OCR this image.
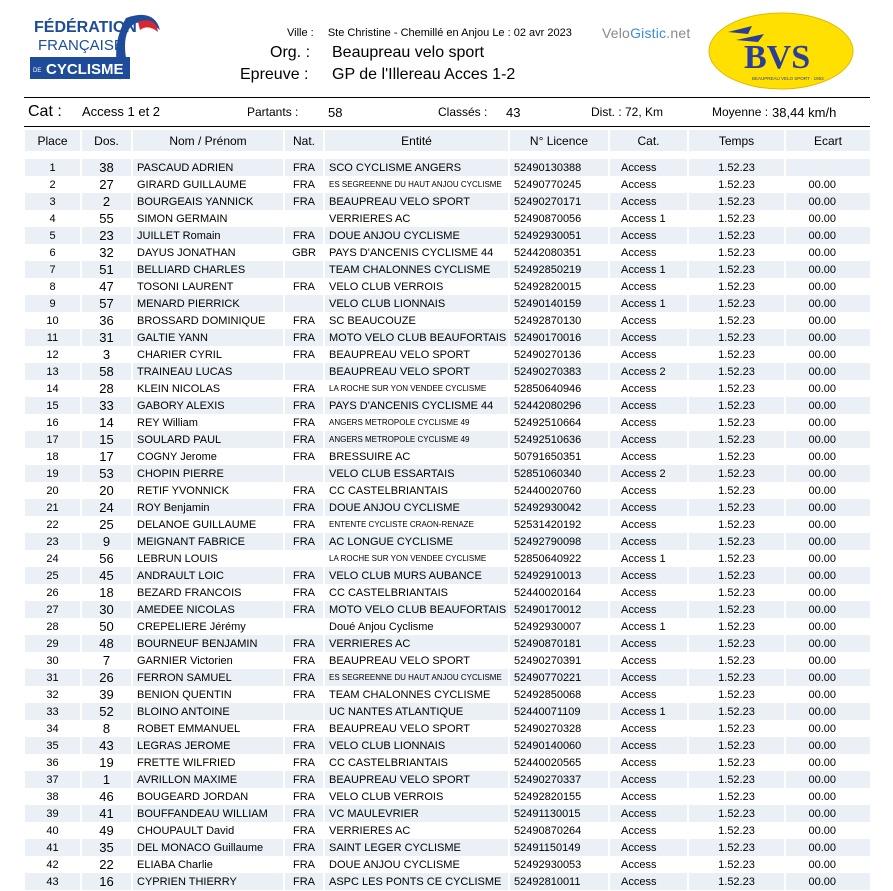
FÉDÉRATION
FRANÇAISE
DE CYCLISME
Ville : Ste Christine - Chemillé en Anjou Le : 02 avr 2023 VeloGistic.net
Org. : Beaupreau velo sport
Epreuve : GP de l'Illereau Acces 1-2	BVS
BEAUPREAU VELO SPORT · 1953
Cat : Access 1 et 2	Partants : 58	Classés : 43	Dist. : 72, Km	Moyenne : 38,44 km/h
Place	Dos.	Nom / Prénom	Nat.	Entité	N° Licence	Cat.	Temps	Ecart

1	38	PASCAUD ADRIEN	FRA	SCO CYCLISME ANGERS	52490130388	Access	1.52.23	
2	27	GIRARD GUILLAUME	FRA	ES SEGREENNE DU HAUT ANJOU CYCLISME	52490770245	Access	1.52.23	00.00
3	2	BOURGEAIS YANNICK	FRA	BEAUPREAU VELO SPORT	52490270171	Access	1.52.23	00.00
4	55	SIMON GERMAIN		VERRIERES AC	52490870056	Access 1	1.52.23	00.00
5	23	JUILLET Romain	FRA	DOUE ANJOU CYCLISME	52492930051	Access	1.52.23	00.00
6	32	DAYUS JONATHAN	GBR	PAYS D'ANCENIS CYCLISME 44	52442080351	Access	1.52.23	00.00
7	51	BELLIARD CHARLES		TEAM CHALONNES CYCLISME	52492850219	Access 1	1.52.23	00.00
8	47	TOSONI LAURENT	FRA	VELO CLUB VERROIS	52492820015	Access	1.52.23	00.00
9	57	MENARD PIERRICK		VELO CLUB LIONNAIS	52490140159	Access 1	1.52.23	00.00
10	36	BROSSARD DOMINIQUE	FRA	SC BEAUCOUZE	52492870130	Access	1.52.23	00.00
11	31	GALTIE YANN	FRA	MOTO VELO CLUB BEAUFORTAIS	52490170016	Access	1.52.23	00.00
12	3	CHARIER CYRIL	FRA	BEAUPREAU VELO SPORT	52490270136	Access	1.52.23	00.00
13	58	TRAINEAU LUCAS		BEAUPREAU VELO SPORT	52490270383	Access 2	1.52.23	00.00
14	28	KLEIN NICOLAS	FRA	LA ROCHE SUR YON VENDEE CYCLISME	52850640946	Access	1.52.23	00.00
15	33	GABORY ALEXIS	FRA	PAYS D'ANCENIS CYCLISME 44	52442080296	Access	1.52.23	00.00
16	14	REY William	FRA	ANGERS METROPOLE CYCLISME 49	52492510664	Access	1.52.23	00.00
17	15	SOULARD PAUL	FRA	ANGERS METROPOLE CYCLISME 49	52492510636	Access	1.52.23	00.00
18	17	COGNY Jerome	FRA	BRESSUIRE AC	50791650351	Access	1.52.23	00.00
19	53	CHOPIN PIERRE		VELO CLUB ESSARTAIS	52851060340	Access 2	1.52.23	00.00
20	20	RETIF YVONNICK	FRA	CC CASTELBRIANTAIS	52440020760	Access	1.52.23	00.00
21	24	ROY Benjamin	FRA	DOUE ANJOU CYCLISME	52492930042	Access	1.52.23	00.00
22	25	DELANOE GUILLAUME	FRA	ENTENTE CYCLISTE CRAON-RENAZE	52531420192	Access	1.52.23	00.00
23	9	MEIGNANT FABRICE	FRA	AC LONGUE CYCLISME	52492790098	Access	1.52.23	00.00
24	56	LEBRUN LOUIS		LA ROCHE SUR YON VENDEE CYCLISME	52850640922	Access 1	1.52.23	00.00
25	45	ANDRAULT LOIC	FRA	VELO CLUB MURS AUBANCE	52492910013	Access	1.52.23	00.00
26	18	BEZARD FRANCOIS	FRA	CC CASTELBRIANTAIS	52440020164	Access	1.52.23	00.00
27	30	AMEDEE NICOLAS	FRA	MOTO VELO CLUB BEAUFORTAIS	52490170012	Access	1.52.23	00.00
28	50	CREPELIERE Jérémy		Doué Anjou Cyclisme	52492930007	Access 1	1.52.23	00.00
29	48	BOURNEUF BENJAMIN	FRA	VERRIERES AC	52490870181	Access	1.52.23	00.00
30	7	GARNIER Victorien	FRA	BEAUPREAU VELO SPORT	52490270391	Access	1.52.23	00.00
31	26	FERRON SAMUEL	FRA	ES SEGREENNE DU HAUT ANJOU CYCLISME	52490770221	Access	1.52.23	00.00
32	39	BENION QUENTIN	FRA	TEAM CHALONNES CYCLISME	52492850068	Access	1.52.23	00.00
33	52	BLOINO ANTOINE		UC NANTES ATLANTIQUE	52440071109	Access 1	1.52.23	00.00
34	8	ROBET EMMANUEL	FRA	BEAUPREAU VELO SPORT	52490270328	Access	1.52.23	00.00
35	43	LEGRAS JEROME	FRA	VELO CLUB LIONNAIS	52490140060	Access	1.52.23	00.00
36	19	FRETTE WILFRIED	FRA	CC CASTELBRIANTAIS	52440020565	Access	1.52.23	00.00
37	1	AVRILLON MAXIME	FRA	BEAUPREAU VELO SPORT	52490270337	Access	1.52.23	00.00
38	46	BOUGEARD JORDAN	FRA	VELO CLUB VERROIS	52492820155	Access	1.52.23	00.00
39	41	BOUFFANDEAU WILLIAM	FRA	VC MAULEVRIER	52491130015	Access	1.52.23	00.00
40	49	CHOUPAULT David	FRA	VERRIERES AC	52490870264	Access	1.52.23	00.00
41	35	DEL MONACO Guillaume	FRA	SAINT LEGER CYCLISME	52491150149	Access	1.52.23	00.00
42	22	ELIABA Charlie	FRA	DOUE ANJOU CYCLISME	52492930053	Access	1.52.23	00.00
43	16	CYPRIEN THIERRY	FRA	ASPC LES PONTS CE CYCLISME	52492810011	Access	1.52.23	00.00
